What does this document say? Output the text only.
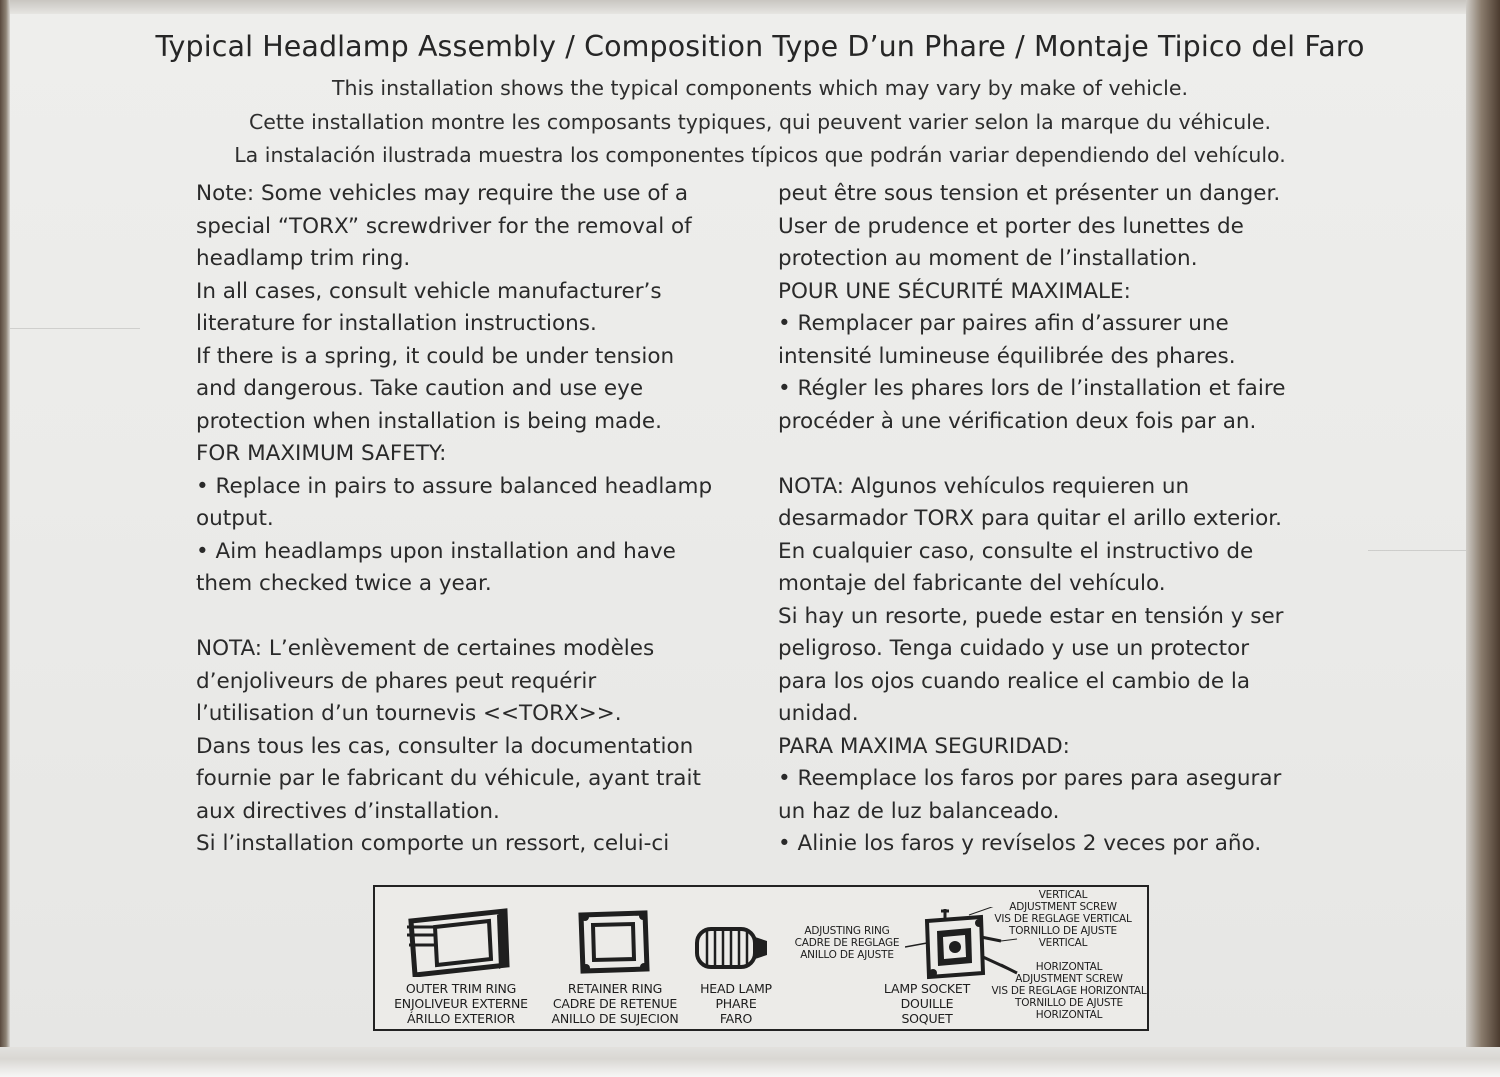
Typical Headlamp Assembly / Composition Type D’un Phare / Montaje Tipico del Faro
This installation shows the typical components which may vary by make of vehicle.
Cette installation montre les composants typiques, qui peuvent varier selon la marque du véhicule.
La instalación ilustrada muestra los componentes típicos que podrán variar dependiendo del vehículo.
Note: Some vehicles may require the use of a
special “TORX” screwdriver for the removal of
headlamp trim ring.
In all cases, consult vehicle manufacturer’s
literature for installation instructions.
If there is a spring, it could be under tension
and dangerous. Take caution and use eye
protection when installation is being made.
FOR MAXIMUM SAFETY:
• Replace in pairs to assure balanced headlamp
output.
• Aim headlamps upon installation and have
them checked twice a year.
NOTA: L’enlèvement de certaines modèles
d’enjoliveurs de phares peut requérir
l’utilisation d’un tournevis <<TORX>>.
Dans tous les cas, consulter la documentation
fournie par le fabricant du véhicule, ayant trait
aux directives d’installation.
Si l’installation comporte un ressort, celui-ci
peut être sous tension et présenter un danger.
User de prudence et porter des lunettes de
protection au moment de l’installation.
POUR UNE SÉCURITÉ MAXIMALE:
• Remplacer par paires afin d’assurer une
intensité lumineuse équilibrée des phares.
• Régler les phares lors de l’installation et faire
procéder à une vérification deux fois par an.
NOTA: Algunos vehículos requieren un
desarmador TORX para quitar el arillo exterior.
En cualquier caso, consulte el instructivo de
montaje del fabricante del vehículo.
Si hay un resorte, puede estar en tensión y ser
peligroso. Tenga cuidado y use un protector
para los ojos cuando realice el cambio de la
unidad.
PARA MAXIMA SEGURIDAD:
• Reemplace los faros por pares para asegurar
un haz de luz balanceado.
• Alinie los faros y revíselos 2 veces por año.
OUTER TRIM RING
ENJOLIVEUR EXTERNE
ÁRILLO EXTERIOR
RETAINER RING
CADRE DE RETENUE
ANILLO DE SUJECION
HEAD LAMP
PHARE
FARO
ADJUSTING RING
CADRE DE REGLAGE
ANILLO DE AJUSTE
LAMP SOCKET
DOUILLE
SOQUET
VERTICAL
ADJUSTMENT SCREW
VIS DE REGLAGE VERTICAL
TORNILLO DE AJUSTE
VERTICAL
HORIZONTAL
ADJUSTMENT SCREW
VIS DE REGLAGE HORIZONTAL
TORNILLO DE AJUSTE
HORIZONTAL
